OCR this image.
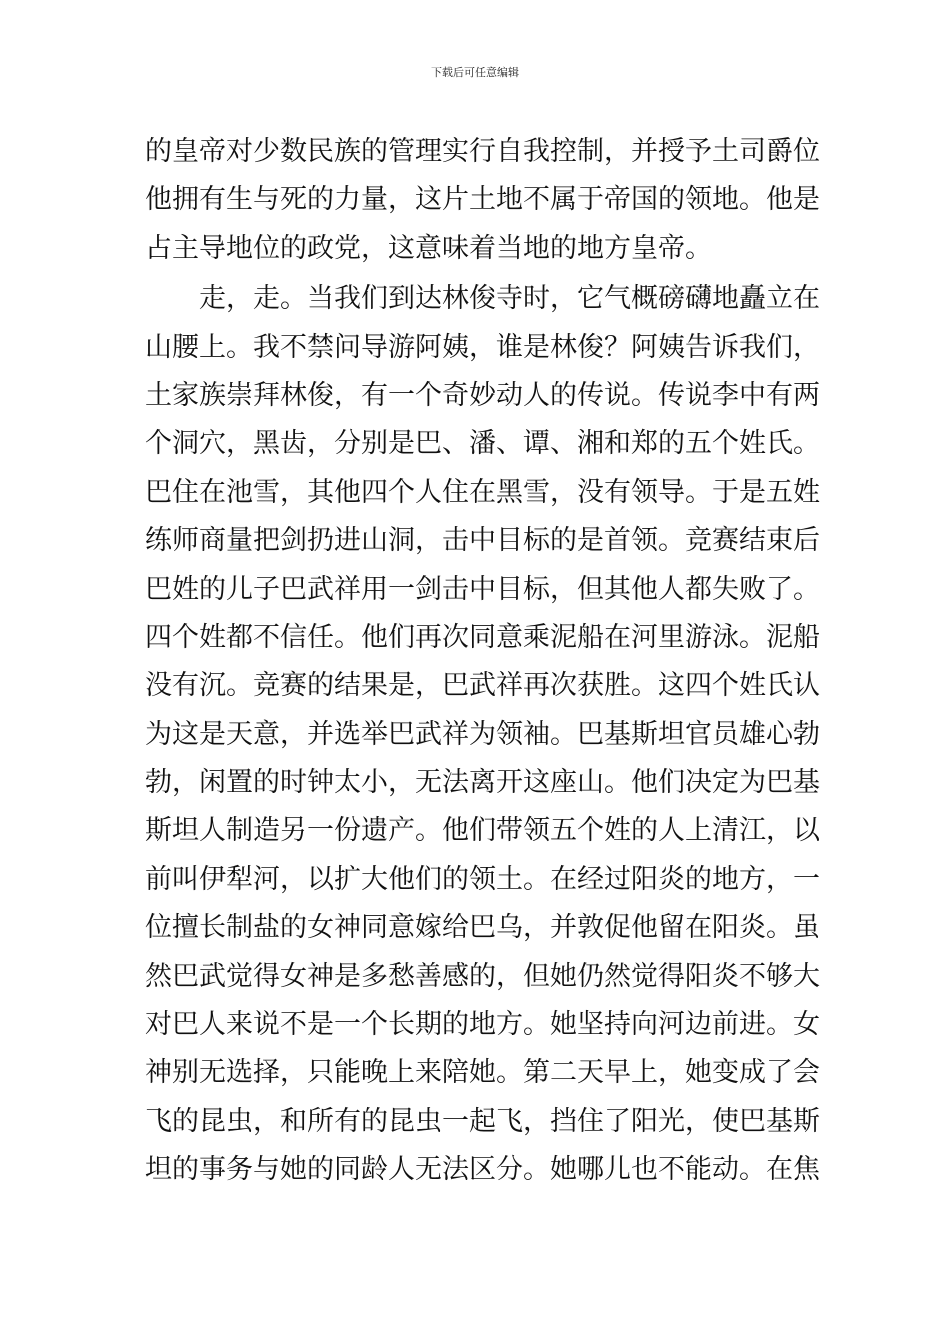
下载后可任意编辑
的皇帝对少数民族的管理实行自我控制，并授予土司爵位
他拥有生与死的力量，这片土地不属于帝国的领地。他是
占主导地位的政党，这意味着当地的地方皇帝。
　　走，走。当我们到达林俊寺时，它气概磅礴地矗立在
山腰上。我不禁问导游阿姨，谁是林俊？阿姨告诉我们，
土家族崇拜林俊，有一个奇妙动人的传说。传说李中有两
个洞穴，黑齿，分别是巴、潘、谭、湘和郑的五个姓氏。
巴住在池雪，其他四个人住在黑雪，没有领导。于是五姓
练师商量把剑扔进山洞，击中目标的是首领。竞赛结束后
巴姓的儿子巴武祥用一剑击中目标，但其他人都失败了。
四个姓都不信任。他们再次同意乘泥船在河里游泳。泥船
没有沉。竞赛的结果是，巴武祥再次获胜。这四个姓氏认
为这是天意，并选举巴武祥为领袖。巴基斯坦官员雄心勃
勃，闲置的时钟太小，无法离开这座山。他们决定为巴基
斯坦人制造另一份遗产。他们带领五个姓的人上清江，以
前叫伊犁河，以扩大他们的领土。在经过阳炎的地方，一
位擅长制盐的女神同意嫁给巴乌，并敦促他留在阳炎。虽
然巴武觉得女神是多愁善感的，但她仍然觉得阳炎不够大
对巴人来说不是一个长期的地方。她坚持向河边前进。女
神别无选择，只能晚上来陪她。第二天早上，她变成了会
飞的昆虫，和所有的昆虫一起飞，挡住了阳光，使巴基斯
坦的事务与她的同龄人无法区分。她哪儿也不能动。在焦
